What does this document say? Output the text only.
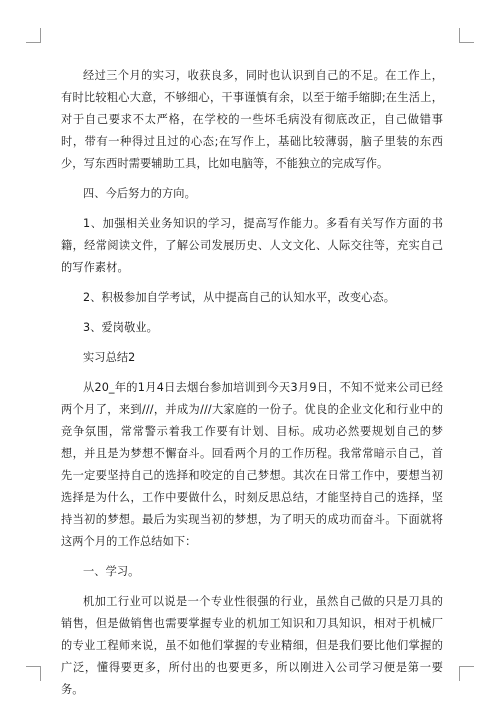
经过三个月的实习，收获良多，同时也认识到自己的不足。在工作上，有时比较粗心大意，不够细心，干事谨慎有余，以至于缩手缩脚;在生活上，对于自己要求不太严格，在学校的一些坏毛病没有彻底改正，自己做错事时，带有一种得过且过的心态;在写作上，基础比较薄弱，脑子里装的东西少，写东西时需要辅助工具，比如电脑等，不能独立的完成写作。

四、今后努力的方向。

1、加强相关业务知识的学习，提高写作能力。多看有关写作方面的书籍，经常阅读文件，了解公司发展历史、人文文化、人际交往等，充实自己的写作素材。

2、积极参加自学考试，从中提高自己的认知水平，改变心态。

3、爱岗敬业。

实习总结2

从20_年的1月4日去烟台参加培训到今天3月9日，不知不觉来公司已经两个月了，来到///，并成为///大家庭的一份子。优良的企业文化和行业中的竞争氛围，常常警示着我工作要有计划、目标。成功必然要规划自己的梦想，并且是为梦想不懈奋斗。回看两个月的工作历程。我常常暗示自己，首先一定要坚持自己的选择和咬定的自己梦想。其次在日常工作中，要想当初选择是为什么，工作中要做什么，时刻反思总结，才能坚持自己的选择，坚持当初的梦想。最后为实现当初的梦想，为了明天的成功而奋斗。下面就将这两个月的工作总结如下：

一、学习。

机加工行业可以说是一个专业性很强的行业，虽然自己做的只是刀具的销售，但是做销售也需要掌握专业的机加工知识和刀具知识，相对于机械厂的专业工程师来说，虽不如他们掌握的专业精细，但是我们要比他们掌握的广泛，懂得要更多，所付出的也要更多，所以刚进入公司学习便是第一要务。
